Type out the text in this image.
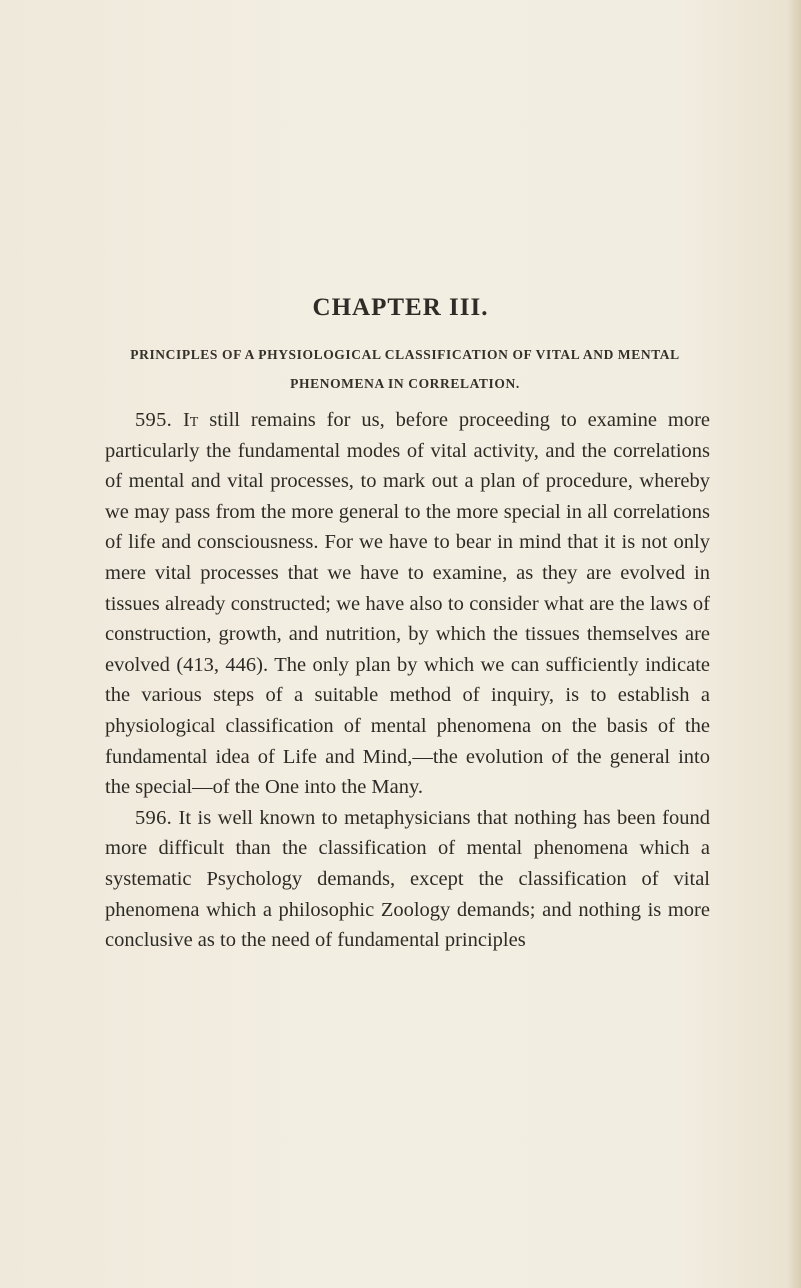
CHAPTER III.
PRINCIPLES OF A PHYSIOLOGICAL CLASSIFICATION OF VITAL AND MENTAL PHENOMENA IN CORRELATION.

595. It still remains for us, before proceeding to examine more particularly the fundamental modes of vital activity, and the correlations of mental and vital processes, to mark out a plan of procedure, whereby we may pass from the more general to the more special in all correlations of life and consciousness. For we have to bear in mind that it is not only mere vital processes that we have to examine, as they are evolved in tissues already constructed; we have also to consider what are the laws of construction, growth, and nutrition, by which the tissues themselves are evolved (413, 446). The only plan by which we can sufficiently indicate the various steps of a suitable method of inquiry, is to establish a physiological classification of mental phenomena on the basis of the fundamental idea of Life and Mind,—the evolution of the general into the special—of the One into the Many.

596. It is well known to metaphysicians that nothing has been found more difficult than the classification of mental phenomena which a systematic Psychology demands, except the classification of vital phenomena which a philosophic Zoology demands; and nothing is more conclusive as to the need of fundamental principles
